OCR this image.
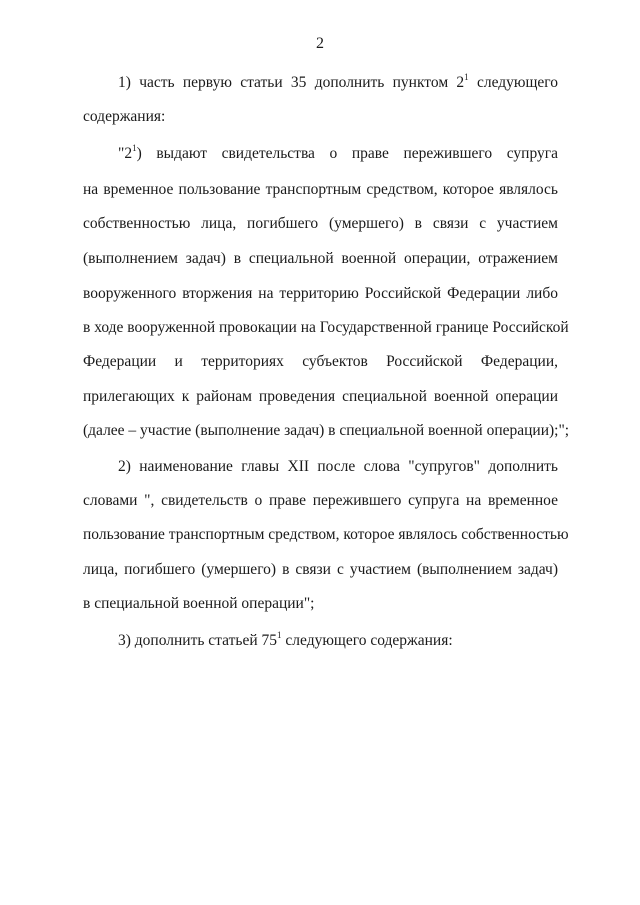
2
1) часть первую статьи 35 дополнить пунктом $2^1$ следующего
содержания:
"$2^1$) выдают свидетельства о праве пережившего супруга
на временное пользование транспортным средством, которое являлось
собственностью лица, погибшего (умершего) в связи с участием
(выполнением задач) в специальной военной операции, отражением
вооруженного вторжения на территорию Российской Федерации либо
в ходе вооруженной провокации на Государственной границе Российской
Федерации и территориях субъектов Российской Федерации,
прилегающих к районам проведения специальной военной операции
(далее – участие (выполнение задач) в специальной военной операции);";
2) наименование главы XII после слова "супругов" дополнить
словами ", свидетельств о праве пережившего супруга на временное
пользование транспортным средством, которое являлось собственностью
лица, погибшего (умершего) в связи с участием (выполнением задач)
в специальной военной операции";
3) дополнить статьей $75^1$ следующего содержания:
